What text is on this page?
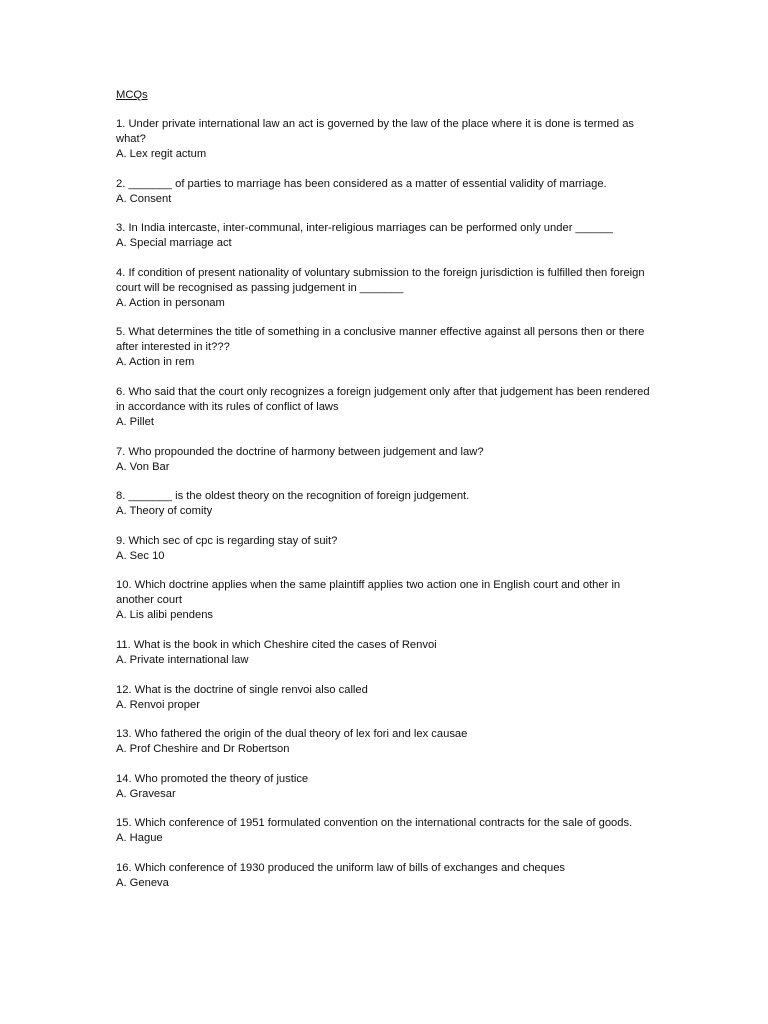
MCQs
1. Under private international law an act is governed by the law of the place where it is done is termed as what?
A. Lex regit actum
2. _______ of parties to marriage has been considered as a matter of essential validity of marriage.
A. Consent
3. In India intercaste, inter-communal, inter-religious marriages can be performed only under ______
A. Special marriage act
4. If condition of present nationality of voluntary submission to the foreign jurisdiction is fulfilled then foreign court will be recognised as passing judgement in _______
A. Action in personam
5. What determines the title of something in a conclusive manner effective against all persons then or there after interested in it???
A. Action in rem
6. Who said that the court only recognizes a foreign judgement only after that judgement has been rendered in accordance with its rules of conflict of laws
A. Pillet
7. Who propounded the doctrine of harmony between judgement and law?
A. Von Bar
8. _______ is the oldest theory on the recognition of foreign judgement.
A. Theory of comity
9. Which sec of cpc is regarding stay of suit?
A. Sec 10
10. Which doctrine applies when the same plaintiff applies two action one in English court and other in another court
A. Lis alibi pendens
11. What is the book in which Cheshire cited the cases of Renvoi
A. Private international law
12. What is the doctrine of single renvoi also called
A. Renvoi proper
13. Who fathered the origin of the dual theory of lex fori and lex causae
A. Prof Cheshire and Dr Robertson
14. Who promoted the theory of justice
A. Gravesar
15. Which conference of 1951 formulated convention on the international contracts for the sale of goods.
A. Hague
16. Which conference of 1930 produced the uniform law of bills of exchanges and cheques
A. Geneva
